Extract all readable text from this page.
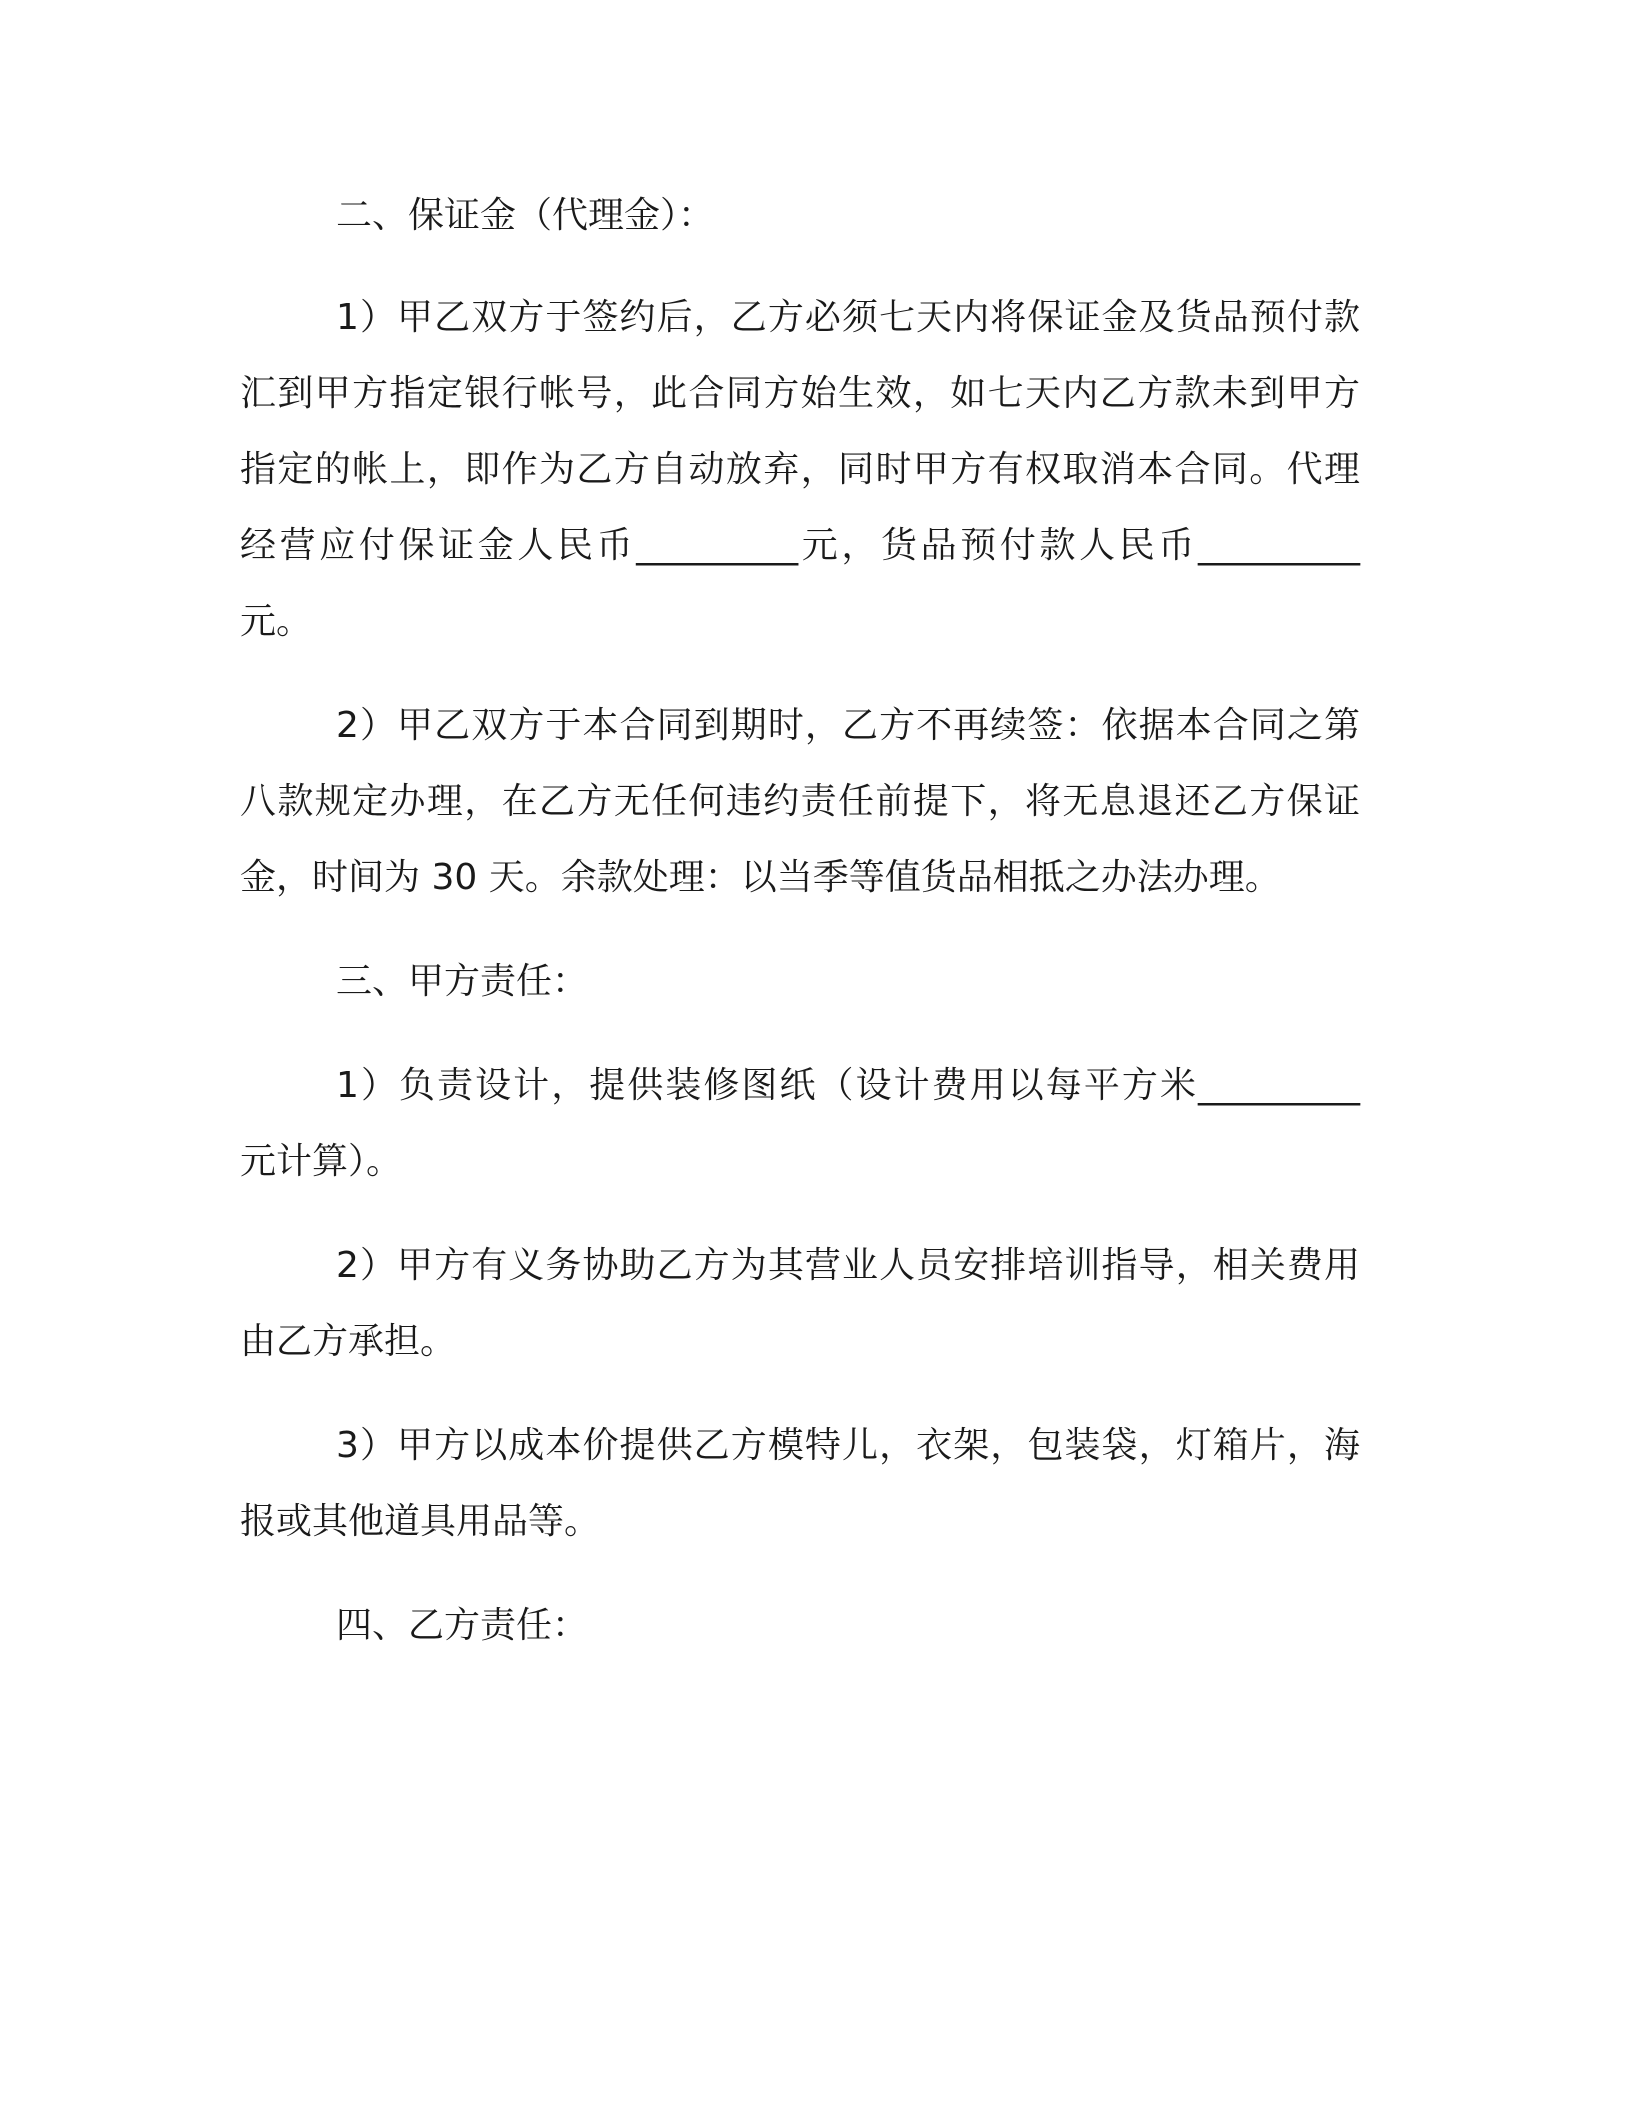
二、保证金（代理金）：
1）甲乙双方于签约后，乙方必须七天内将保证金及货品预付款
汇到甲方指定银行帐号，此合同方始生效，如七天内乙方款未到甲方
指定的帐上，即作为乙方自动放弃，同时甲方有权取消本合同。代理
经营应付保证金人民币_________元，货品预付款人民币_________
元。
2）甲乙双方于本合同到期时，乙方不再续签：依据本合同之第
八款规定办理，在乙方无任何违约责任前提下，将无息退还乙方保证
金，时间为 30 天。余款处理：以当季等值货品相抵之办法办理。
三、甲方责任：
1）负责设计，提供装修图纸（设计费用以每平方米_________
元计算）。
2）甲方有义务协助乙方为其营业人员安排培训指导，相关费用
由乙方承担。
3）甲方以成本价提供乙方模特儿，衣架，包装袋，灯箱片，海
报或其他道具用品等。
四、乙方责任：
